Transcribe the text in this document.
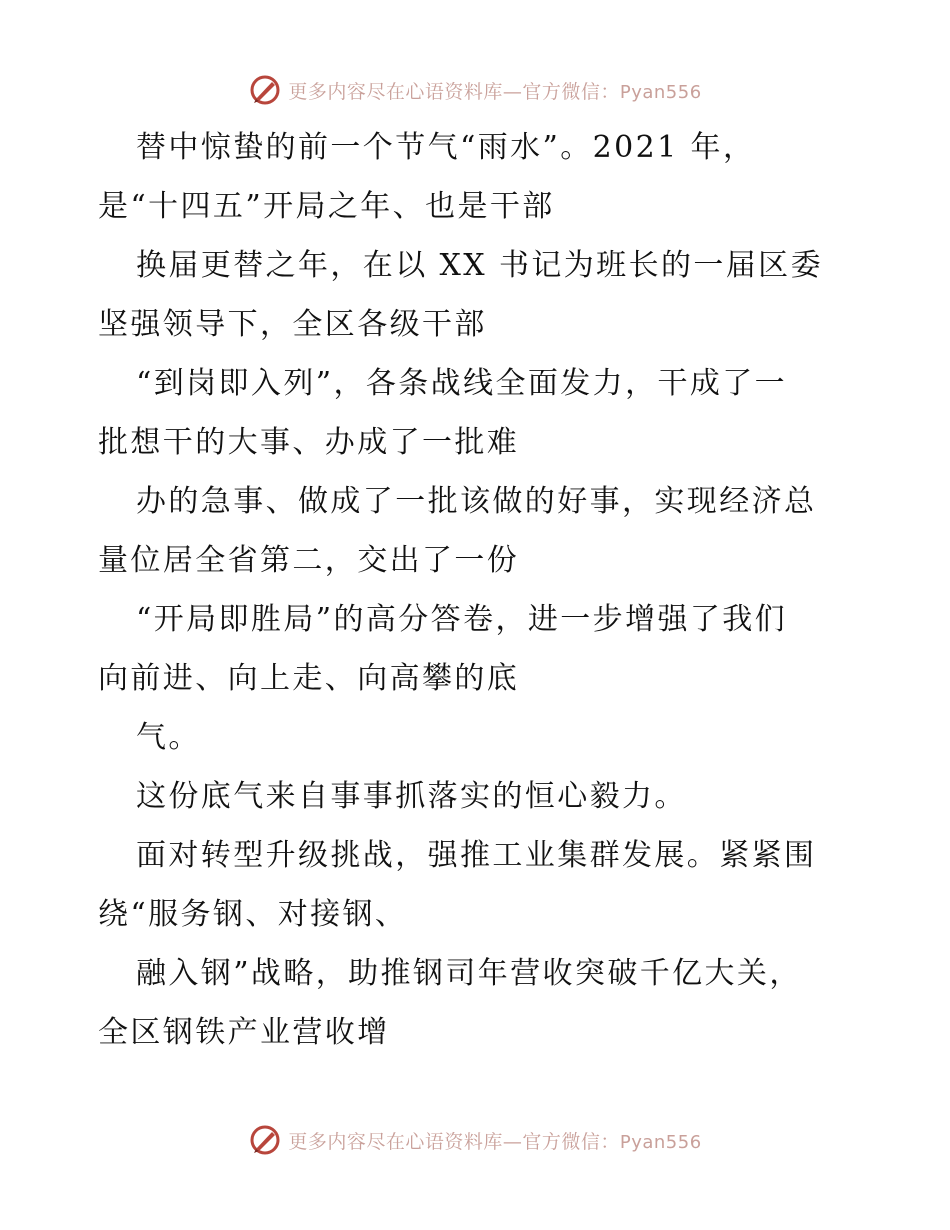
更多内容尽在心语资料库—官方微信：Pyan556
替中惊蛰的前一个节气“雨水”。2021 年，
是“十四五”开局之年、也是干部
换届更替之年，在以 XX 书记为班长的一届区委
坚强领导下，全区各级干部
“到岗即入列”，各条战线全面发力，干成了一
批想干的大事、办成了一批难
办的急事、做成了一批该做的好事，实现经济总
量位居全省第二，交出了一份
“开局即胜局”的高分答卷，进一步增强了我们
向前进、向上走、向高攀的底
气。
这份底气来自事事抓落实的恒心毅力。
面对转型升级挑战，强推工业集群发展。紧紧围
绕“服务钢、对接钢、
融入钢”战略，助推钢司年营收突破千亿大关，
全区钢铁产业营收增
更多内容尽在心语资料库—官方微信：Pyan556
